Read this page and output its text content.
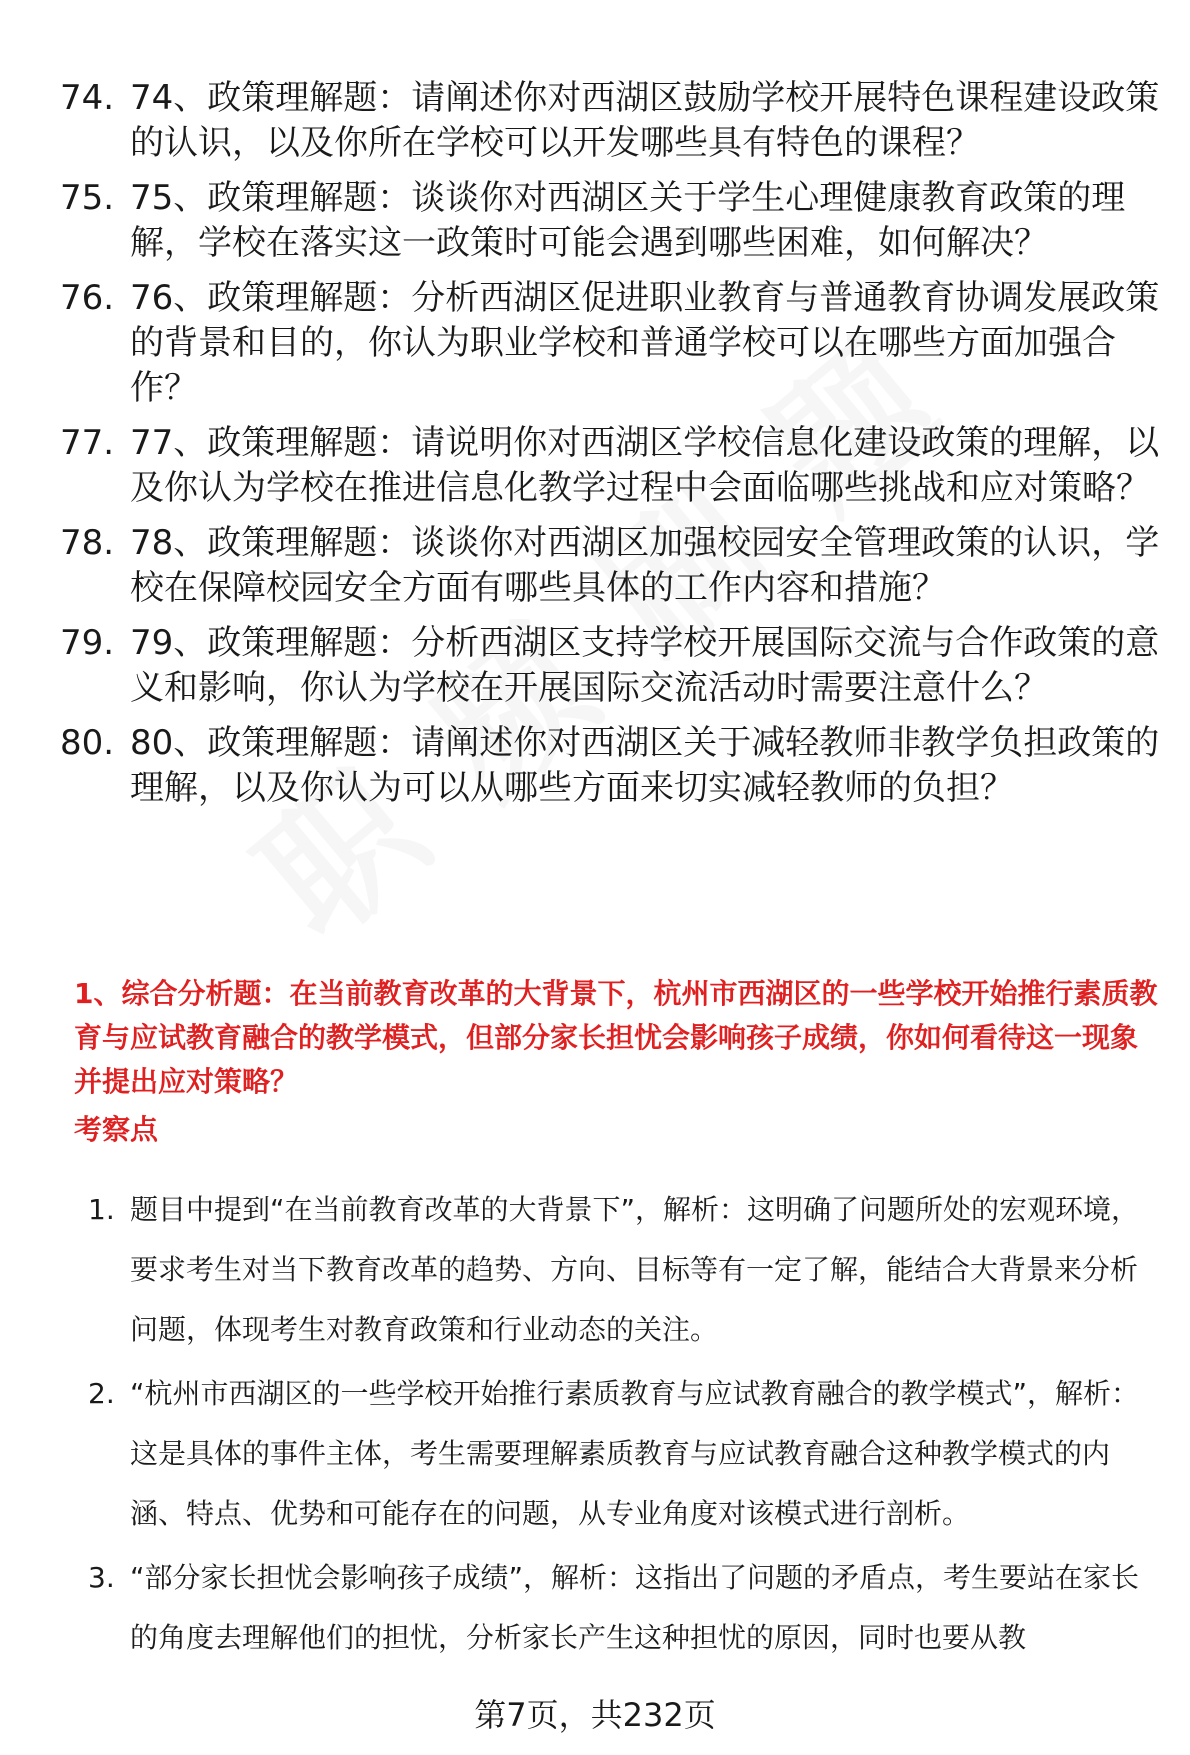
74. 74、政策理解题：请阐述你对西湖区鼓励学校开展特色课程建设政策的认识，以及你所在学校可以开发哪些具有特色的课程？
75. 75、政策理解题：谈谈你对西湖区关于学生心理健康教育政策的理解，学校在落实这一政策时可能会遇到哪些困难，如何解决？
76. 76、政策理解题：分析西湖区促进职业教育与普通教育协调发展政策的背景和目的，你认为职业学校和普通学校可以在哪些方面加强合作？
77. 77、政策理解题：请说明你对西湖区学校信息化建设政策的理解，以及你认为学校在推进信息化教学过程中会面临哪些挑战和应对策略？
78. 78、政策理解题：谈谈你对西湖区加强校园安全管理政策的认识，学校在保障校园安全方面有哪些具体的工作内容和措施？
79. 79、政策理解题：分析西湖区支持学校开展国际交流与合作政策的意义和影响，你认为学校在开展国际交流活动时需要注意什么？
80. 80、政策理解题：请阐述你对西湖区关于减轻教师非教学负担政策的理解，以及你认为可以从哪些方面来切实减轻教师的负担？
1、综合分析题：在当前教育改革的大背景下，杭州市西湖区的一些学校开始推行素质教育与应试教育融合的教学模式，但部分家长担忧会影响孩子成绩，你如何看待这一现象并提出应对策略？
考察点
1. 题目中提到“在当前教育改革的大背景下”，解析：这明确了问题所处的宏观环境，要求考生对当下教育改革的趋势、方向、目标等有一定了解，能结合大背景来分析问题，体现考生对教育政策和行业动态的关注。
2. “杭州市西湖区的一些学校开始推行素质教育与应试教育融合的教学模式”，解析：这是具体的事件主体，考生需要理解素质教育与应试教育融合这种教学模式的内涵、特点、优势和可能存在的问题，从专业角度对该模式进行剖析。
3. “部分家长担忧会影响孩子成绩”，解析：这指出了问题的矛盾点，考生要站在家长的角度去理解他们的担忧，分析家长产生这种担忧的原因，同时也要从教
第7页，共232页
